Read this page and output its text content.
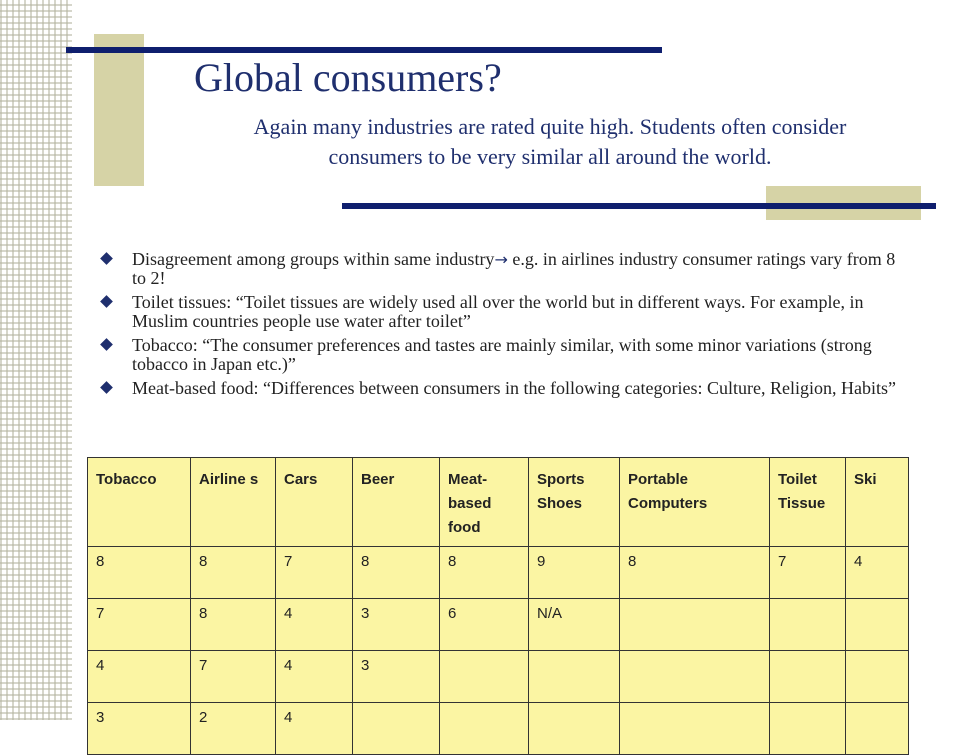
Global consumers?
Again many industries are rated quite high. Students often consider consumers to be very similar all around the world.
Disagreement among groups within same industry→ e.g. in airlines industry consumer ratings vary from 8 to 2!
Toilet tissues: “Toilet tissues are widely used all over the world but in different ways. For example, in Muslim countries people use water after toilet”
Tobacco: “The consumer preferences and tastes are mainly similar, with some minor variations (strong tobacco in Japan etc.)”
Meat-based food: “Differences between consumers in the following categories: Culture, Religion, Habits”
Tobacco	Airline s	Cars	Beer	Meat-based food	Sports Shoes	Portable Computers	Toilet Tissue	Ski
8	8	7	8	8	9	8	7	4
7	8	4	3	6	N/A			
4	7	4	3					
3	2	4						
